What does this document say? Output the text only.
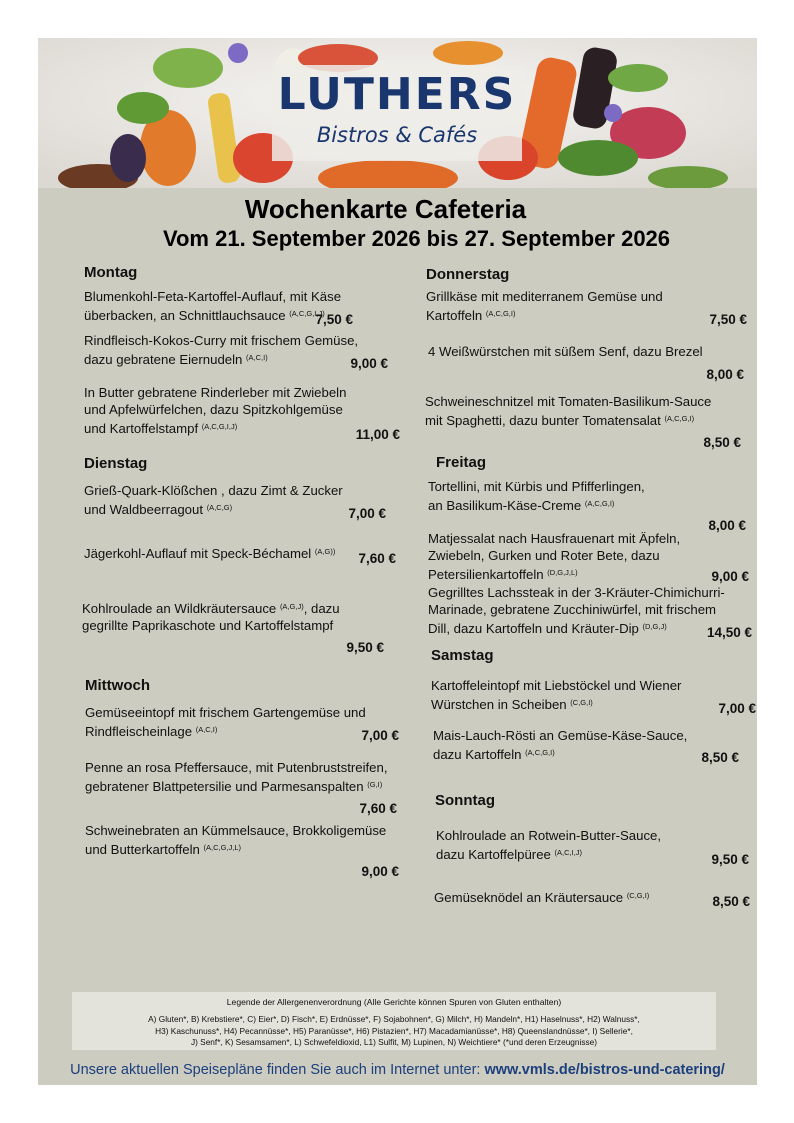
LUTHERS
Bistros & Cafés
Wochenkarte Cafeteria
Vom 21. September 2026 bis 27. September 2026
Montag
Blumenkohl-Feta-Kartoffel-Auflauf, mit Käse
überbacken, an Schnittlauchsauce $^{(A,C,G,I,J)}$
7,50 €
Rindfleisch-Kokos-Curry mit frischem Gemüse,
dazu gebratene Eiernudeln $^{(A,C,I)}$	9,00 €
In Butter gebratene Rinderleber mit Zwiebeln
und Apfelwürfelchen, dazu Spitzkohlgemüse
und Kartoffelstampf $^{(A,C,G,I,J)}$
11,00 €
Dienstag
Grieß-Quark-Klößchen , dazu Zimt & Zucker
und Waldbeerragout $^{(A,C,G)}$	7,00 €
Jägerkohl-Auflauf mit Speck-Béchamel $^{(A,G))}$	7,60 €
Kohlroulade an Wildkräutersauce $^{(A,G,J)}$, dazu
gegrillte Paprikaschote und Kartoffelstampf
9,50 €
Mittwoch
Gemüseeintopf mit frischem Gartengemüse und
Rindfleischeinlage $^{(A,C,I)}$	7,00 €
Penne an rosa Pfeffersauce, mit Putenbruststreifen,
gebratener Blattpetersilie und Parmesanspalten $^{(G,I)}$
7,60 €
Schweinebraten an Kümmelsauce, Brokkoligemüse
und Butterkartoffeln $^{(A,C,G,J,L)}$
9,00 €
Donnerstag
Grillkäse mit mediterranem Gemüse und
Kartoffeln $^{(A,C,G,I)}$	7,50 €
4 Weißwürstchen mit süßem Senf, dazu Brezel
8,00 €
Schweineschnitzel mit Tomaten-Basilikum-Sauce
mit Spaghetti, dazu bunter Tomatensalat $^{(A,C,G,I)}$
8,50 €
Freitag
Tortellini, mit Kürbis und Pfifferlingen,
an Basilikum-Käse-Creme $^{(A,C,G,I)}$
8,00 €
Matjessalat nach Hausfrauenart mit Äpfeln,
Zwiebeln, Gurken und Roter Bete, dazu
Petersilienkartoffeln $^{(D,G,J,L)}$	9,00 €
Gegrilltes Lachssteak in der 3-Kräuter-Chimichurri-
Marinade, gebratene Zucchiniwürfel, mit frischem
Dill, dazu Kartoffeln und Kräuter-Dip $^{(D,G,J)}$	14,50 €
Samstag
Kartoffeleintopf mit Liebstöckel und Wiener
Würstchen in Scheiben $^{(C,G,I)}$	7,00 €
Mais-Lauch-Rösti an Gemüse-Käse-Sauce,
dazu Kartoffeln $^{(A,C,G,I)}$	8,50 €
Sonntag
Kohlroulade an Rotwein-Butter-Sauce,
dazu Kartoffelpüree $^{(A,C,I,J)}$	9,50 €
Gemüseknödel an Kräutersauce $^{(C,G,I)}$	8,50 €
Legende der Allergenenverordnung (Alle Gerichte können Spuren von Gluten enthalten)
A) Gluten*, B) Krebstiere*, C) Eier*, D) Fisch*, E) Erdnüsse*, F) Sojabohnen*, G) Milch*, H) Mandeln*, H1) Haselnuss*, H2) Walnuss*,
H3) Kaschunuss*, H4) Pecannüsse*, H5) Paranüsse*, H6) Pistazien*, H7) Macadamianüsse*, H8) Queenslandnüsse*, I) Sellerie*,
J) Senf*, K) Sesamsamen*, L) Schwefeldioxid, L1) Sulfit, M) Lupinen, N) Weichtiere* (*und deren Erzeugnisse)
Unsere aktuellen Speisepläne finden Sie auch im Internet unter: www.vmls.de/bistros-und-catering/
